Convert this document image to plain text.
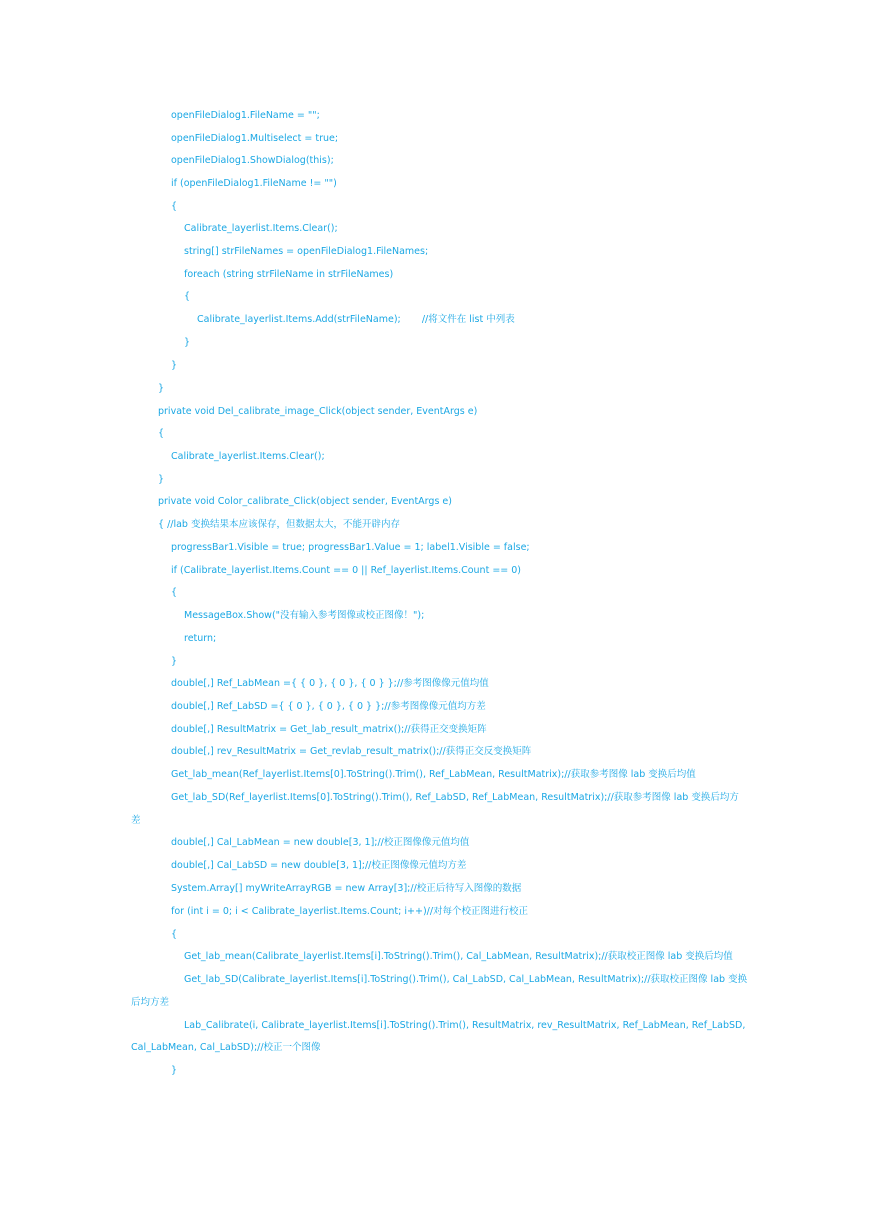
openFileDialog1.FileName = "";
openFileDialog1.Multiselect = true;
openFileDialog1.ShowDialog(this);
if (openFileDialog1.FileName != "")
{
Calibrate_layerlist.Items.Clear();
string[] strFileNames = openFileDialog1.FileNames;
foreach (string strFileName in strFileNames)
{
Calibrate_layerlist.Items.Add(strFileName);       //将文件在 list 中列表
}
}
}
private void Del_calibrate_image_Click(object sender, EventArgs e)
{
Calibrate_layerlist.Items.Clear();
}
private void Color_calibrate_Click(object sender, EventArgs e)
{ //lab 变换结果本应该保存，但数据太大，不能开辟内存
progressBar1.Visible = true; progressBar1.Value = 1; label1.Visible = false;
if (Calibrate_layerlist.Items.Count == 0 || Ref_layerlist.Items.Count == 0)
{
MessageBox.Show("没有输入参考图像或校正图像！");
return;
}
double[,] Ref_LabMean ={ { 0 }, { 0 }, { 0 } };//参考图像像元值均值
double[,] Ref_LabSD ={ { 0 }, { 0 }, { 0 } };//参考图像像元值均方差
double[,] ResultMatrix = Get_lab_result_matrix();//获得正交变换矩阵
double[,] rev_ResultMatrix = Get_revlab_result_matrix();//获得正交反变换矩阵
Get_lab_mean(Ref_layerlist.Items[0].ToString().Trim(), Ref_LabMean, ResultMatrix);//获取参考图像 lab 变换后均值
Get_lab_SD(Ref_layerlist.Items[0].ToString().Trim(), Ref_LabSD, Ref_LabMean, ResultMatrix);//获取参考图像 lab 变换后均方
差
double[,] Cal_LabMean = new double[3, 1];//校正图像像元值均值
double[,] Cal_LabSD = new double[3, 1];//校正图像像元值均方差
System.Array[] myWriteArrayRGB = new Array[3];//校正后待写入图像的数据
for (int i = 0; i < Calibrate_layerlist.Items.Count; i++)//对每个校正图进行校正
{
Get_lab_mean(Calibrate_layerlist.Items[i].ToString().Trim(), Cal_LabMean, ResultMatrix);//获取校正图像 lab 变换后均值
Get_lab_SD(Calibrate_layerlist.Items[i].ToString().Trim(), Cal_LabSD, Cal_LabMean, ResultMatrix);//获取校正图像 lab 变换
后均方差
Lab_Calibrate(i, Calibrate_layerlist.Items[i].ToString().Trim(), ResultMatrix, rev_ResultMatrix, Ref_LabMean, Ref_LabSD,
Cal_LabMean, Cal_LabSD);//校正一个图像
}
